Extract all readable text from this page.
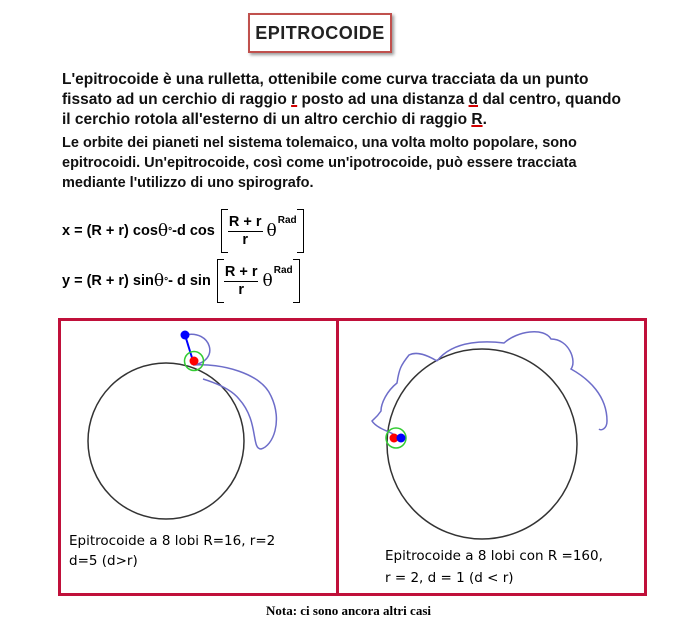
EPITROCOIDE
L'epitrocoide è una rulletta, ottenibile come curva tracciata da un punto fissato ad un cerchio di raggio r posto ad una distanza d dal centro, quando il cerchio rotola all'esterno di un altro cerchio di raggio R.
Le orbite dei pianeti nel sistema tolemaico, una volta molto popolare, sono epitrocoidi. Un'epitrocoide, così come un'ipotrocoide, può essere tracciata mediante l'utilizzo di uno spirografo.
x = (R + r) cos θ ° -d $\cos \frac{R + r}{r}$ θ
Rad
y = (R + r) sin θ ° - d $\sin \frac{R + r}{r}$ θ
Rad
Epitrocoide a 8 lobi R=16, r=2
d=5 (d>r)	Epitrocoide a 8 lobi con R =160,
r = 2, d = 1 (d < r)
Nota: ci sono ancora altri casi
